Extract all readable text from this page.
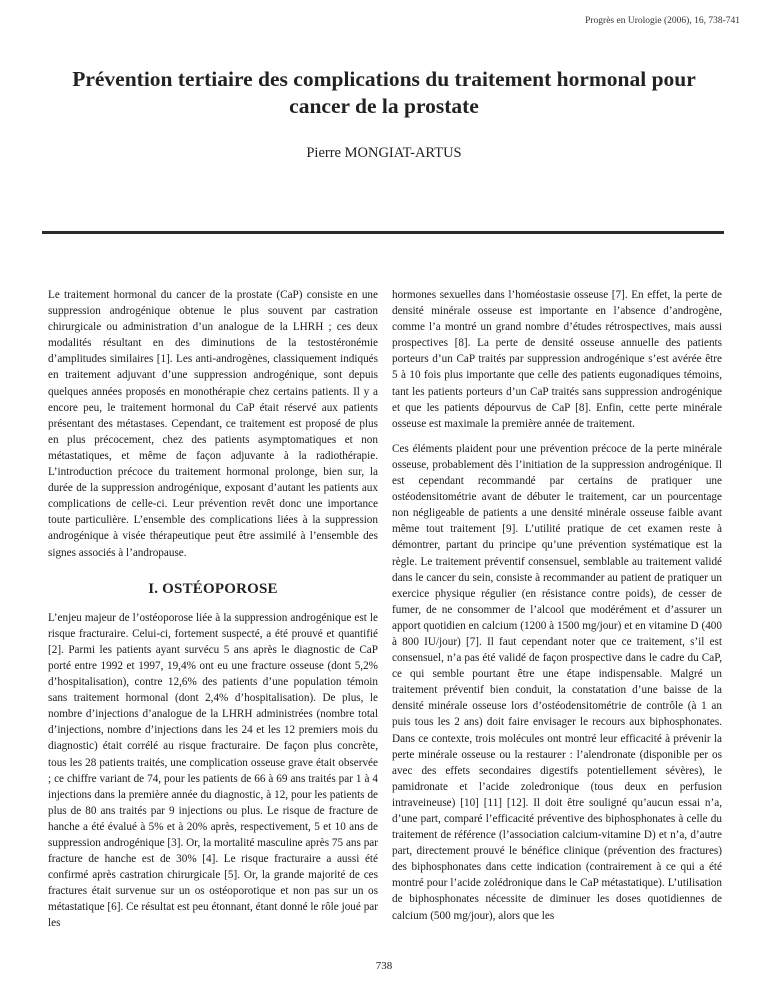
Progrès en Urologie (2006), 16, 738-741
Prévention tertiaire des complications du traitement hormonal pour cancer de la prostate
Pierre MONGIAT-ARTUS

Le traitement hormonal du cancer de la prostate (CaP) consiste en une suppression androgénique obtenue le plus souvent par castration chirurgicale ou administration d’un analogue de la LHRH ; ces deux modalités résultant en des diminutions de la testostéronémie d’amplitudes similaires [1]. Les anti-androgènes, classiquement indiqués en traitement adjuvant d’une suppression androgénique, sont depuis quelques années proposés en monothérapie chez certains patients. Il y a encore peu, le traitement hormonal du CaP était réservé aux patients présentant des métastases. Cependant, ce traitement est proposé de plus en plus précocement, chez des patients asymptomatiques et non métastatiques, et même de façon adjuvante à la radiothérapie. L’introduction précoce du traitement hormonal prolonge, bien sur, la durée de la suppression androgénique, exposant d’autant les patients aux complications de celle-ci. Leur prévention revêt donc une importance toute particulière. L’ensemble des complications liées à la suppression androgénique à visée thérapeutique peut être assimilé à l’ensemble des signes associés à l’andropause.

I. OSTÉOPOROSE

L’enjeu majeur de l’ostéoporose liée à la suppression androgénique est le risque fracturaire. Celui-ci, fortement suspecté, a été prouvé et quantifié [2]. Parmi les patients ayant survécu 5 ans après le diagnostic de CaP porté entre 1992 et 1997, 19,4% ont eu une fracture osseuse (dont 5,2% d’hospitalisation), contre 12,6% des patients d’une population témoin sans traitement hormonal (dont 2,4% d’hospitalisation). De plus, le nombre d’injections d’analogue de la LHRH administrées (nombre total d’injections, nombre d’injections dans les 24 et les 12 premiers mois du diagnostic) était corrélé au risque fracturaire. De façon plus concrète, tous les 28 patients traités, une complication osseuse grave était observée ; ce chiffre variant de 74, pour les patients de 66 à 69 ans traités par 1 à 4 injections dans la première année du diagnostic, à 12, pour les patients de plus de 80 ans traités par 9 injections ou plus. Le risque de fracture de hanche a été évalué à 5% et à 20% après, respectivement, 5 et 10 ans de suppression androgénique [3]. Or, la mortalité masculine après 75 ans par fracture de hanche est de 30% [4]. Le risque fracturaire a aussi été confirmé après castration chirurgicale [5]. Or, la grande majorité de ces fractures était survenue sur un os ostéoporotique et non pas sur un os métastatique [6]. Ce résultat est peu étonnant, étant donné le rôle joué par les

hormones sexuelles dans l’homéostasie osseuse [7]. En effet, la perte de densité minérale osseuse est importante en l’absence d’androgène, comme l’a montré un grand nombre d’études rétrospectives, mais aussi prospectives [8]. La perte de densité osseuse annuelle des patients porteurs d’un CaP traités par suppression androgénique s’est avérée être 5 à 10 fois plus importante que celle des patients eugonadiques témoins, tant les patients porteurs d’un CaP traités sans suppression androgénique et que les patients dépourvus de CaP [8]. Enfin, cette perte minérale osseuse est maximale la première année de traitement.

Ces éléments plaident pour une prévention précoce de la perte minérale osseuse, probablement dès l’initiation de la suppression androgénique. Il est cependant recommandé par certains de pratiquer une ostéodensitométrie avant de débuter le traitement, car un pourcentage non négligeable de patients a une densité minérale osseuse faible avant même tout traitement [9]. L’utilité pratique de cet examen reste à démontrer, partant du principe qu’une prévention systématique est la règle. Le traitement préventif consensuel, semblable au traitement validé dans le cancer du sein, consiste à recommander au patient de pratiquer un exercice physique régulier (en résistance contre poids), de cesser de fumer, de ne consommer de l’alcool que modérément et d’assurer un apport quotidien en calcium (1200 à 1500 mg/jour) et en vitamine D (400 à 800 IU/jour) [7]. Il faut cependant noter que ce traitement, s’il est consensuel, n’a pas été validé de façon prospective dans le cadre du CaP, ce qui semble pourtant être une étape indispensable. Malgré un traitement préventif bien conduit, la constatation d’une baisse de la densité minérale osseuse lors d’ostéodensitométrie de contrôle (à 1 an puis tous les 2 ans) doit faire envisager le recours aux biphosphonates. Dans ce contexte, trois molécules ont montré leur efficacité à prévenir la perte minérale osseuse ou la restaurer : l’alendronate (disponible per os avec des effets secondaires digestifs potentiellement sévères), le pamidronate et l’acide zoledronique (tous deux en perfusion intraveineuse) [10] [11] [12]. Il doit être souligné qu’aucun essai n’a, d’une part, comparé l’efficacité préventive des biphosphonates à celle du traitement de référence (l’association calcium-vitamine D) et n’a, d’autre part, directement prouvé le bénéfice clinique (prévention des fractures) des biphosphonates dans cette indication (contrairement à ce qui a été montré pour l’acide zolédronique dans le CaP métastatique). L’utilisation de biphosphonates nécessite de diminuer les doses quotidiennes de calcium (500 mg/jour), alors que les

738
